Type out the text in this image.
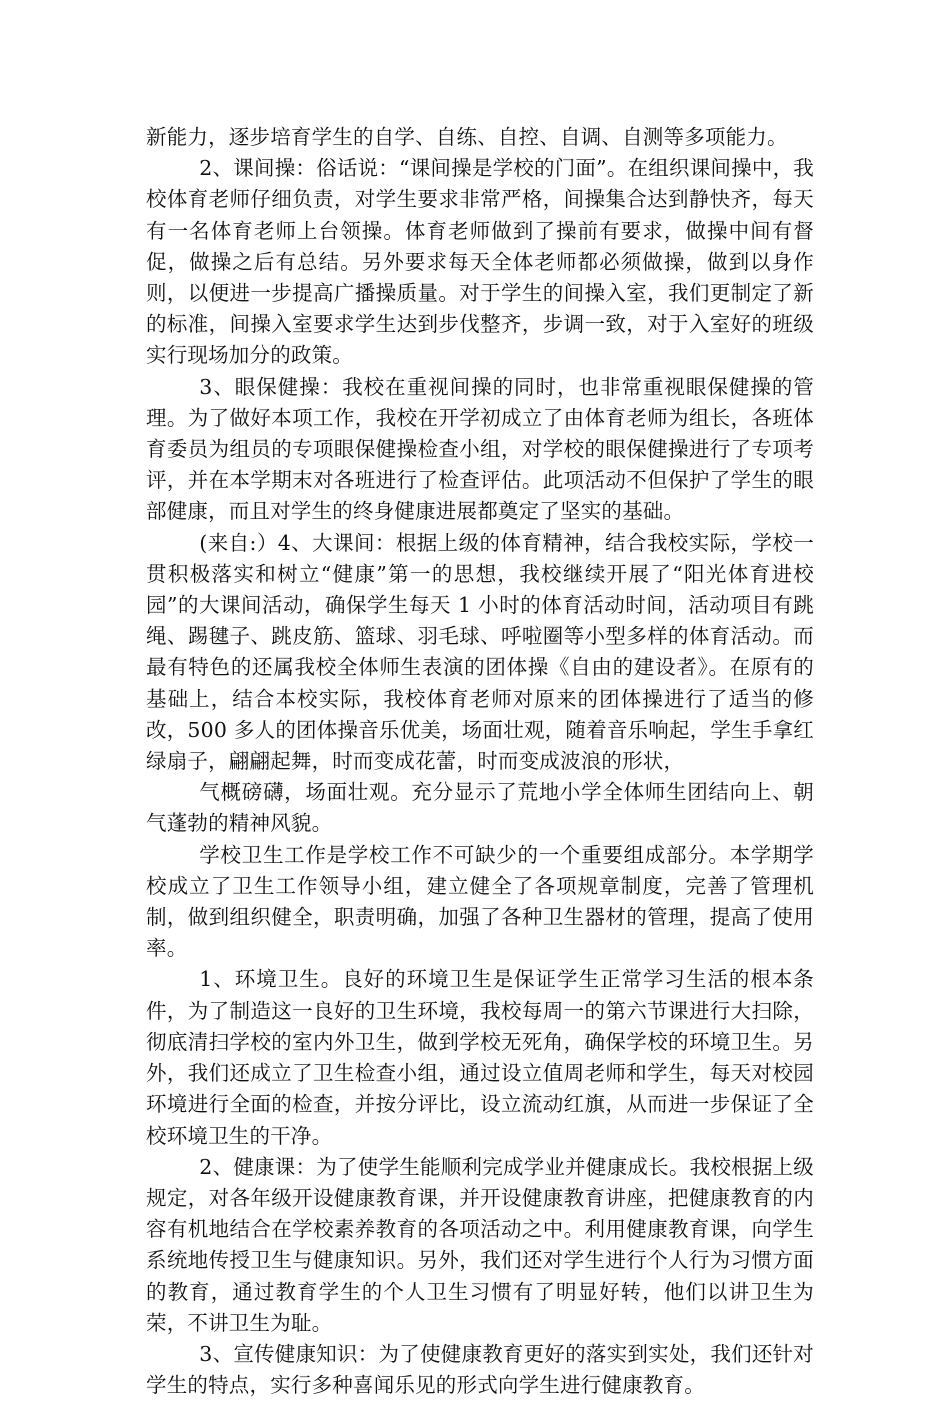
新能力，逐步培育学生的自学、自练、自控、自调、自测等多项能力。

2、课间操：俗话说：“课间操是学校的门面”。在组织课间操中，我校体育老师仔细负责，对学生要求非常严格，间操集合达到静快齐，每天有一名体育老师上台领操。体育老师做到了操前有要求，做操中间有督促，做操之后有总结。另外要求每天全体老师都必须做操，做到以身作则，以便进一步提高广播操质量。对于学生的间操入室，我们更制定了新的标准，间操入室要求学生达到步伐整齐，步调一致，对于入室好的班级实行现场加分的政策。

3、眼保健操：我校在重视间操的同时，也非常重视眼保健操的管理。为了做好本项工作，我校在开学初成立了由体育老师为组长，各班体育委员为组员的专项眼保健操检查小组，对学校的眼保健操进行了专项考评，并在本学期末对各班进行了检查评估。此项活动不但保护了学生的眼部健康，而且对学生的终身健康进展都奠定了坚实的基础。

(来自:）4、大课间：根据上级的体育精神，结合我校实际，学校一贯积极落实和树立“健康”第一的思想，我校继续开展了“阳光体育进校园”的大课间活动，确保学生每天 1 小时的体育活动时间，活动项目有跳绳、踢毽子、跳皮筋、篮球、羽毛球、呼啦圈等小型多样的体育活动。而最有特色的还属我校全体师生表演的团体操《自由的建设者》。在原有的基础上，结合本校实际，我校体育老师对原来的团体操进行了适当的修改，500 多人的团体操音乐优美，场面壮观，随着音乐响起，学生手拿红绿扇子，翩翩起舞，时而变成花蕾，时而变成波浪的形状，

气概磅礴，场面壮观。充分显示了荒地小学全体师生团结向上、朝气蓬勃的精神风貌。

学校卫生工作是学校工作不可缺少的一个重要组成部分。本学期学校成立了卫生工作领导小组，建立健全了各项规章制度，完善了管理机制，做到组织健全，职责明确，加强了各种卫生器材的管理，提高了使用率。

1、环境卫生。良好的环境卫生是保证学生正常学习生活的根本条件，为了制造这一良好的卫生环境，我校每周一的第六节课进行大扫除，彻底清扫学校的室内外卫生，做到学校无死角，确保学校的环境卫生。另外，我们还成立了卫生检查小组，通过设立值周老师和学生，每天对校园环境进行全面的检查，并按分评比，设立流动红旗，从而进一步保证了全校环境卫生的干净。

2、健康课：为了使学生能顺利完成学业并健康成长。我校根据上级规定，对各年级开设健康教育课，并开设健康教育讲座，把健康教育的内容有机地结合在学校素养教育的各项活动之中。利用健康教育课，向学生系统地传授卫生与健康知识。另外，我们还对学生进行个人行为习惯方面的教育，通过教育学生的个人卫生习惯有了明显好转，他们以讲卫生为荣，不讲卫生为耻。

3、宣传健康知识：为了使健康教育更好的落实到实处，我们还针对学生的特点，实行多种喜闻乐见的形式向学生进行健康教育。
